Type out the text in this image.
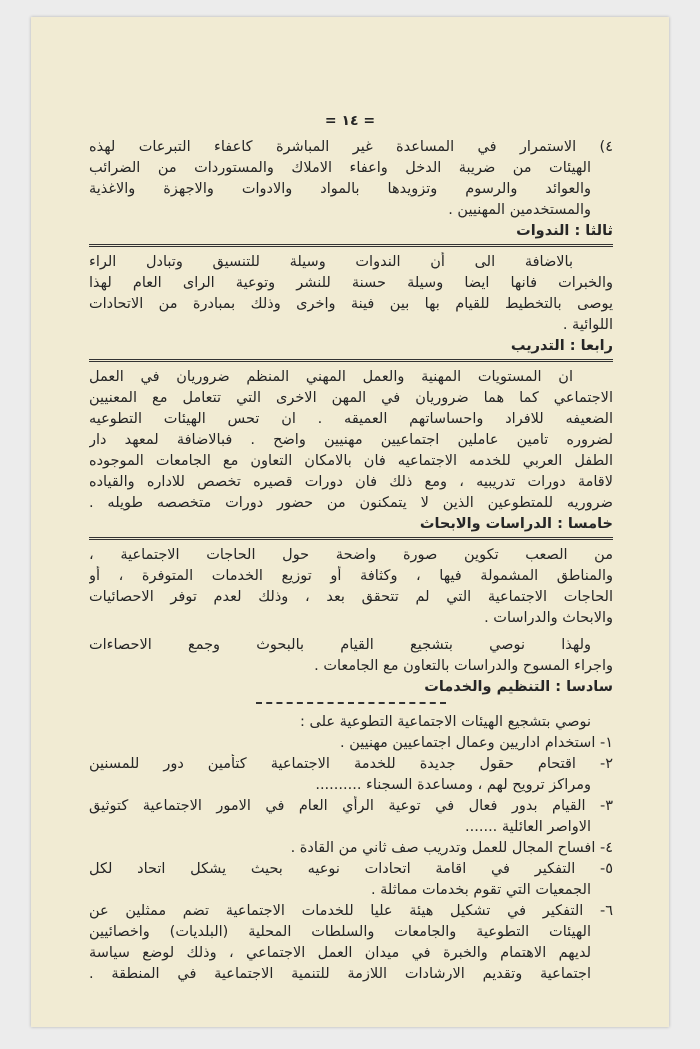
= ١٤ =
٤) الاستمرار في المساعدة غير المباشرة كاعفاء التبرعات لهذه
الهيئات من ضريبة الدخل واعفاء الاملاك والمستوردات من الضرائب
والعوائد والرسوم وتزويدها بالمواد والادوات والاجهزة والاغذية
والمستخدمين المهنيين .
ثالثا : الندوات
بالاضافة الى أن الندوات وسيلة للتنسيق وتبادل الراء
والخبرات فانها ايضا وسيلة حسنة للنشر وتوعية الراى العام لهذا
يوصى بالتخطيط للقيام بها بين فينة واخرى وذلك بمبادرة من الاتحادات
اللوائية .
رابعا : التدريب
ان المستويات المهنية والعمل المهني المنظم ضروريان في العمل
الاجتماعي كما هما ضروريان في المهن الاخرى التي تتعامل مع المعنيين
الضعيفه للافراد واحساساتهم العميقه . ان تحس الهيئات التطوعيه
لضروره تامين عاملين اجتماعيين مهنيين واضح . فبالاضافة لمعهد دار
الطفل العربي للخدمه الاجتماعيه فان بالامكان التعاون مع الجامعات الموجوده
لاقامة دورات تدريبيه ، ومع ذلك فان دورات قصيره تخصص للاداره والقياده
ضروريه للمتطوعين الذين لا يتمكنون من حضور دورات متخصصه طويله .
خامسا : الدراسات والابحاث
من الصعب تكوين صورة واضحة حول الحاجات الاجتماعية ،
والمناطق المشمولة فيها ، وكثافة أو توزيع الخدمات المتوفرة ، أو
الحاجات الاجتماعية التي لم تتحقق بعد ، وذلك لعدم توفر الاحصائيات
والابحاث والدراسات .
ولهذا نوصي بتشجيع القيام بالبحوث وجمع الاحصاءات
واجراء المسوح والدراسات بالتعاون مع الجامعات .
سادسا : التنظيم والخدمات
نوصي بتشجيع الهيئات الاجتماعية التطوعية على :
١- استخدام اداريين وعمال اجتماعيين مهنيين .
٢- اقتحام حقول جديدة للخدمة الاجتماعية كتأمين دور للمسنين
ومراكز ترويح لهم ، ومساعدة السجناء ..........
٣- القيام بدور فعال في توعية الرأي العام في الامور الاجتماعية كتوثيق
الاواصر العائلية .......
٤- افساح المجال للعمل وتدريب صف ثاني من القادة .
٥- التفكير في اقامة اتحادات نوعيه بحيث يشكل اتحاد لكل
الجمعيات التي تقوم بخدمات مماثلة .
٦- التفكير في تشكيل هيئة عليا للخدمات الاجتماعية تضم ممثلين عن
الهيئات التطوعية والجامعات والسلطات المحلية (البلديات) واخصائيين
لديهم الاهتمام والخبرة في ميدان العمل الاجتماعي ، وذلك لوضع سياسة
اجتماعية وتقديم الارشادات اللازمة للتنمية الاجتماعية في المنطقة .
